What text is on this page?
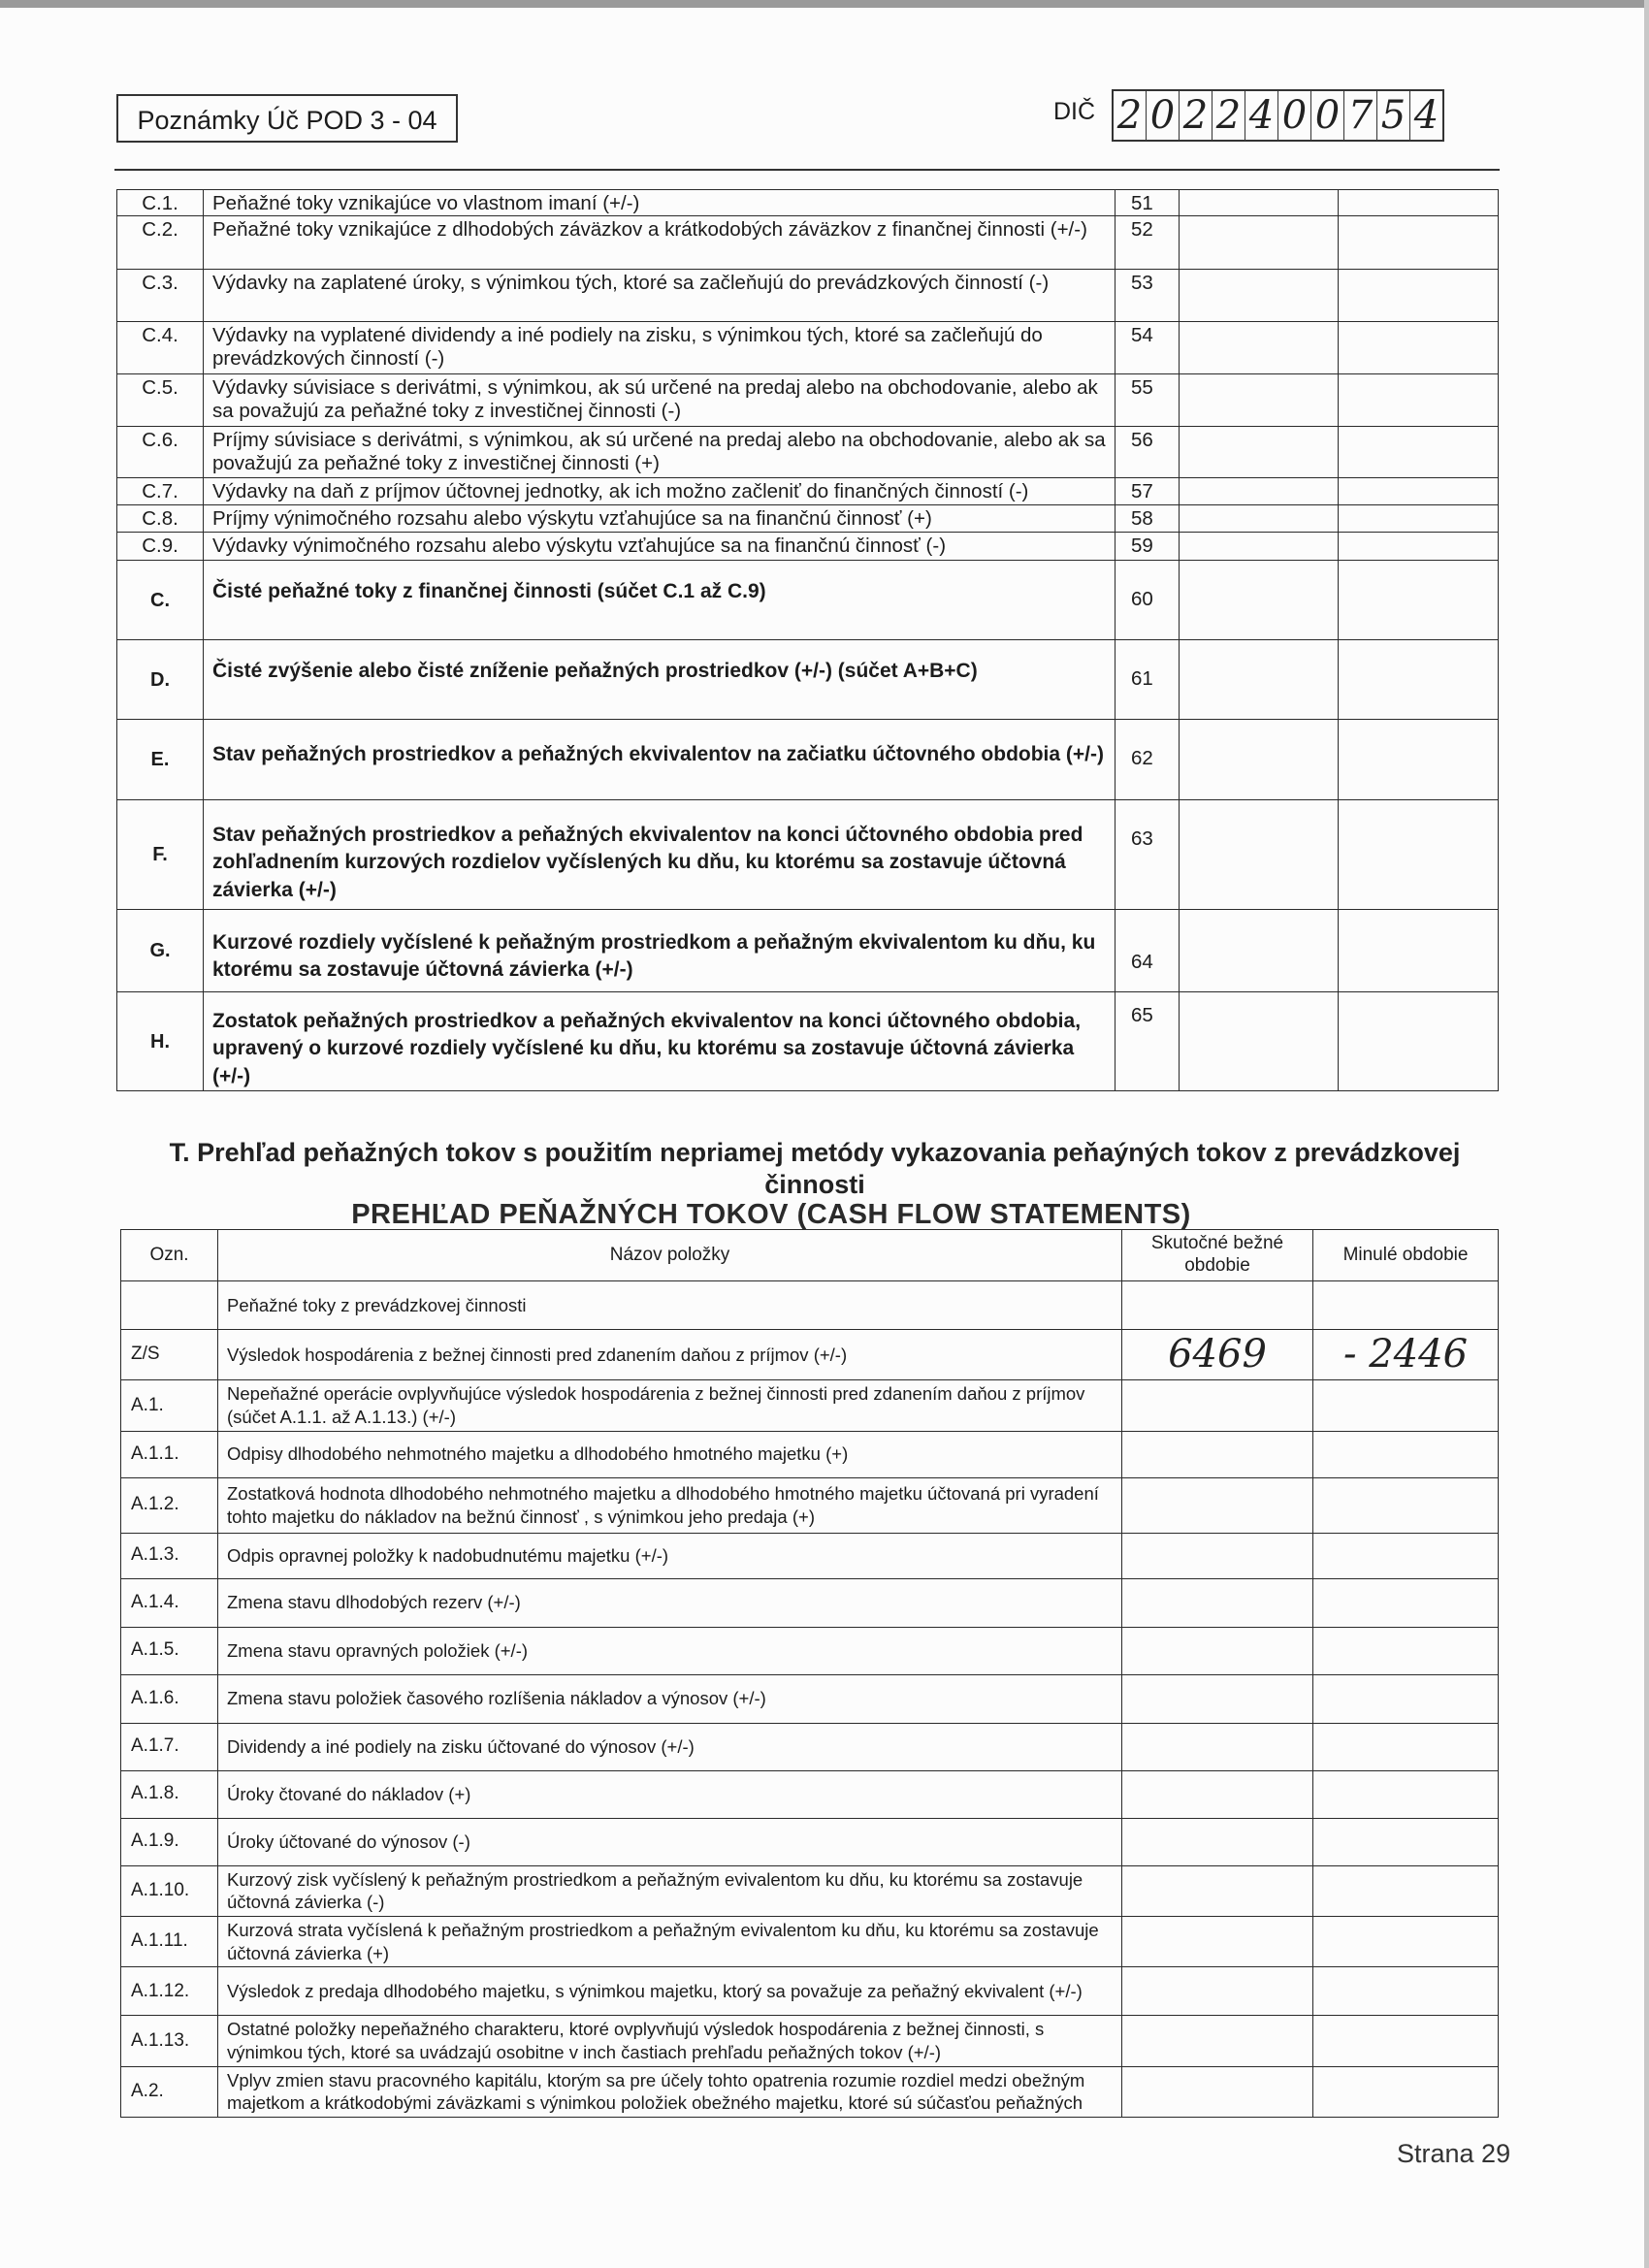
Poznámky Úč POD 3 - 04	DIČ 2 0 2 2 4 0 0 7 5 4
C.1.	Peňažné toky vznikajúce vo vlastnom imaní (+/-)	51		
C.2.	Peňažné toky vznikajúce z dlhodobých záväzkov a krátkodobých záväzkov z finančnej činnosti (+/-)	52		
C.3.	Výdavky na zaplatené úroky, s výnimkou tých, ktoré sa začleňujú do prevádzkových činností (-)	53		
C.4.	Výdavky na vyplatené dividendy a iné podiely na zisku, s výnimkou tých, ktoré sa začleňujú do prevádzkových činností (-)	54		
C.5.	Výdavky súvisiace s derivátmi, s výnimkou, ak sú určené na predaj alebo na obchodovanie, alebo ak sa považujú za peňažné toky z investičnej činnosti (-)	55		
C.6.	Príjmy súvisiace s derivátmi, s výnimkou, ak sú určené na predaj alebo na obchodovanie, alebo ak sa považujú za peňažné toky z investičnej činnosti (+)	56		
C.7.	Výdavky na daň z príjmov účtovnej jednotky, ak ich možno začleniť do finančných činností (-)	57		
C.8.	Príjmy výnimočného rozsahu alebo výskytu vzťahujúce sa na finančnú činnosť (+)	58		
C.9.	Výdavky výnimočného rozsahu alebo výskytu vzťahujúce sa na finančnú činnosť (-)	59		
C.	Čisté peňažné toky z finančnej činnosti (súčet C.1 až C.9)	60		
D.	Čisté zvýšenie alebo čisté zníženie peňažných prostriedkov (+/-) (súčet A+B+C)	61		
E.	Stav peňažných prostriedkov a peňažných ekvivalentov na začiatku účtovného obdobia (+/-)	62		
F.	Stav peňažných prostriedkov a peňažných ekvivalentov na konci účtovného obdobia pred zohľadnením kurzových rozdielov vyčíslených ku dňu, ku ktorému sa zostavuje účtovná závierka (+/-)	63		
G.	Kurzové rozdiely vyčíslené k peňažným prostriedkom a peňažným ekvivalentom ku dňu, ku ktorému sa zostavuje účtovná závierka (+/-)	64		
H.	Zostatok peňažných prostriedkov a peňažných ekvivalentov na konci účtovného obdobia, upravený o kurzové rozdiely vyčíslené ku dňu, ku ktorému sa zostavuje účtovná závierka (+/-)	65		
T. Prehľad peňažných tokov s použitím nepriamej metódy vykazovania peňaýných tokov z prevádzkovej činnosti
PREHĽAD PEŇAŽNÝCH TOKOV (CASH FLOW STATEMENTS)
Ozn.	Názov položky	Skutočné bežné obdobie	Minulé obdobie
	Peňažné toky z prevádzkovej činnosti		
Z/S	Výsledok hospodárenia z bežnej činnosti pred zdanením daňou z príjmov (+/-)	6469	- 2446
A.1.	Nepeňažné operácie ovplyvňujúce výsledok hospodárenia z bežnej činnosti pred zdanením daňou z príjmov (súčet A.1.1. až A.1.13.) (+/-)		
A.1.1.	Odpisy dlhodobého nehmotného majetku a dlhodobého hmotného majetku (+)		
A.1.2.	Zostatková hodnota dlhodobého nehmotného majetku a dlhodobého hmotného majetku účtovaná pri vyradení tohto majetku do nákladov na bežnú činnosť , s výnimkou jeho predaja (+)		
A.1.3.	Odpis opravnej položky k nadobudnutému majetku (+/-)		
A.1.4.	Zmena stavu dlhodobých rezerv (+/-)		
A.1.5.	Zmena stavu opravných položiek (+/-)		
A.1.6.	Zmena stavu položiek časového rozlíšenia nákladov a výnosov (+/-)		
A.1.7.	Dividendy a iné podiely na zisku účtované do výnosov (+/-)		
A.1.8.	Úroky čtované do nákladov (+)		
A.1.9.	Úroky účtované do výnosov (-)		
A.1.10.	Kurzový zisk vyčíslený k peňažným prostriedkom a peňažným evivalentom ku dňu, ku ktorému sa zostavuje účtovná závierka (-)		
A.1.11.	Kurzová strata vyčíslená k peňažným prostriedkom a peňažným evivalentom ku dňu, ku ktorému sa zostavuje účtovná závierka (+)		
A.1.12.	Výsledok z predaja dlhodobého majetku, s výnimkou majetku, ktorý sa považuje za peňažný ekvivalent (+/-)		
A.1.13.	Ostatné položky nepeňažného charakteru, ktoré ovplyvňujú výsledok hospodárenia z bežnej činnosti, s výnimkou tých, ktoré sa uvádzajú osobitne v inch častiach prehľadu peňažných tokov (+/-)		
A.2.	Vplyv zmien stavu pracovného kapitálu, ktorým sa pre účely tohto opatrenia rozumie rozdiel medzi obežným majetkom a krátkodobými záväzkami s výnimkou položiek obežného majetku, ktoré sú súčasťou peňažných		
Strana 29
